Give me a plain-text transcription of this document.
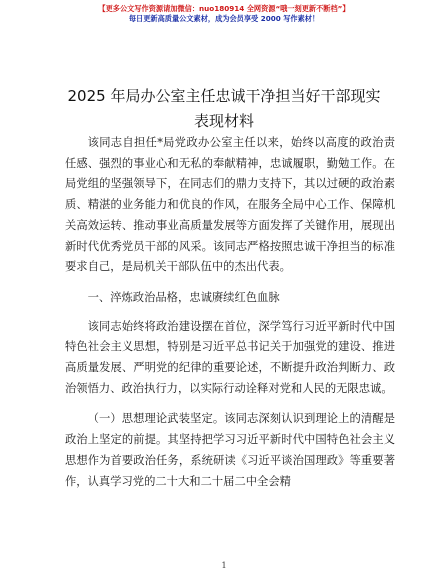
【更多公文写作资源请加微信：nuo180914 全网资源“哦一刻更新不断档”】
每日更新高质量公文素材，成为会员享受 2000 写作素材！
2025 年局办公室主任忠诚干净担当好干部现实
表现材料

该同志自担任*局党政办公室主任以来，始终以高度的政治责任感、强烈的事业心和无私的奉献精神，忠诚履职，勤勉工作。在局党组的坚强领导下，在同志们的鼎力支持下，其以过硬的政治素质、精湛的业务能力和优良的作风，在服务全局中心工作、保障机关高效运转、推动事业高质量发展等方面发挥了关键作用，展现出新时代优秀党员干部的风采。该同志严格按照忠诚干净担当的标准要求自己，是局机关干部队伍中的杰出代表。

一、淬炼政治品格，忠诚赓续红色血脉

该同志始终将政治建设摆在首位，深学笃行习近平新时代中国特色社会主义思想，特别是习近平总书记关于加强党的建设、推进高质量发展、严明党的纪律的重要论述，不断提升政治判断力、政治领悟力、政治执行力，以实际行动诠释对党和人民的无限忠诚。

（一）思想理论武装坚定。该同志深刻认识到理论上的清醒是政治上坚定的前提。其坚持把学习习近平新时代中国特色社会主义思想作为首要政治任务，系统研读《习近平谈治国理政》等重要著作，认真学习党的二十大和二十届二中全会精

1
